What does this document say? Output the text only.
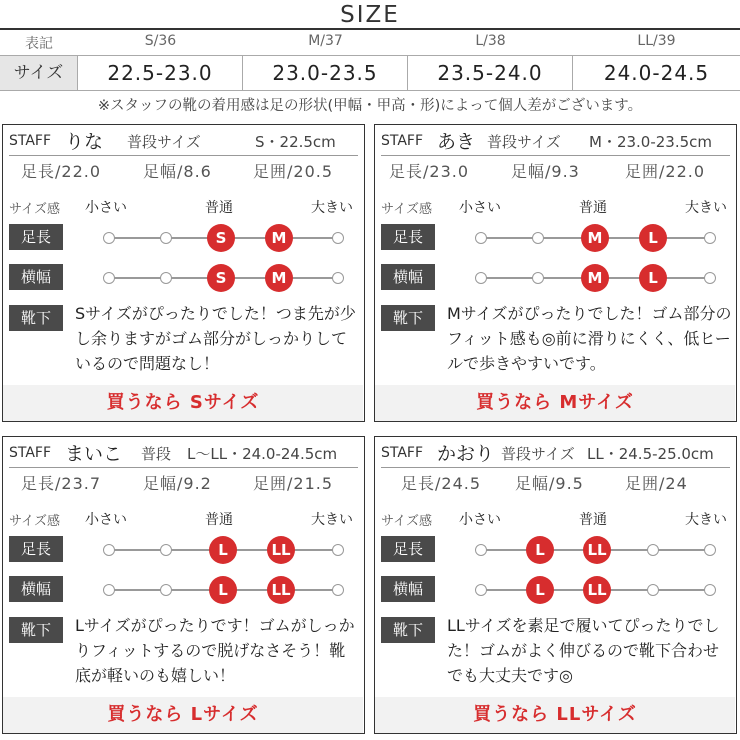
SIZE
表記	S/36	M/37	L/38	LL/39
サイズ	22.5-23.0	23.0-23.5	23.5-24.0	24.0-24.5
※スタッフの靴の着用感は足の形状(甲幅・甲高・形)によって個人差がございます。
STAFF りな 普段サイズ	S・22.5cm
足長/22.0	足幅/8.6	足囲/20.5
サイズ感 小さい	普通	大きい
足長	S	M
横幅	S	M
靴下	Sサイズがぴったりでした！つま先が少し余りますがゴム部分がしっかりしているので問題なし！
買うなら Sサイズ
STAFF あき 普段サイズ M・23.0-23.5cm
足長/23.0	足幅/9.3	足囲/22.0
サイズ感 小さい	普通	大きい
足長	M	L
横幅	M	L
靴下	Mサイズがぴったりでした！ゴム部分のフィット感も◎前に滑りにくく、低ヒールで歩きやすいです。
買うなら Mサイズ
STAFF まいこ 普段 L〜LL・24.0-24.5cm
足長/23.7	足幅/9.2	足囲/21.5
サイズ感 小さい	普通	大きい
足長	L	LL
横幅	L	LL
靴下	Lサイズがぴったりです！ゴムがしっかりフィットするので脱げなさそう！靴底が軽いのも嬉しい！
買うなら Lサイズ
STAFF かおり 普段サイズ LL・24.5-25.0cm
足長/24.5 足幅/9.5	足囲/24
サイズ感 小さい	普通	大きい
足長	L	LL
横幅	L	LL
靴下	LLサイズを素足で履いてぴったりでした！ゴムがよく伸びるので靴下合わせでも大丈夫です◎
買うなら LLサイズ
